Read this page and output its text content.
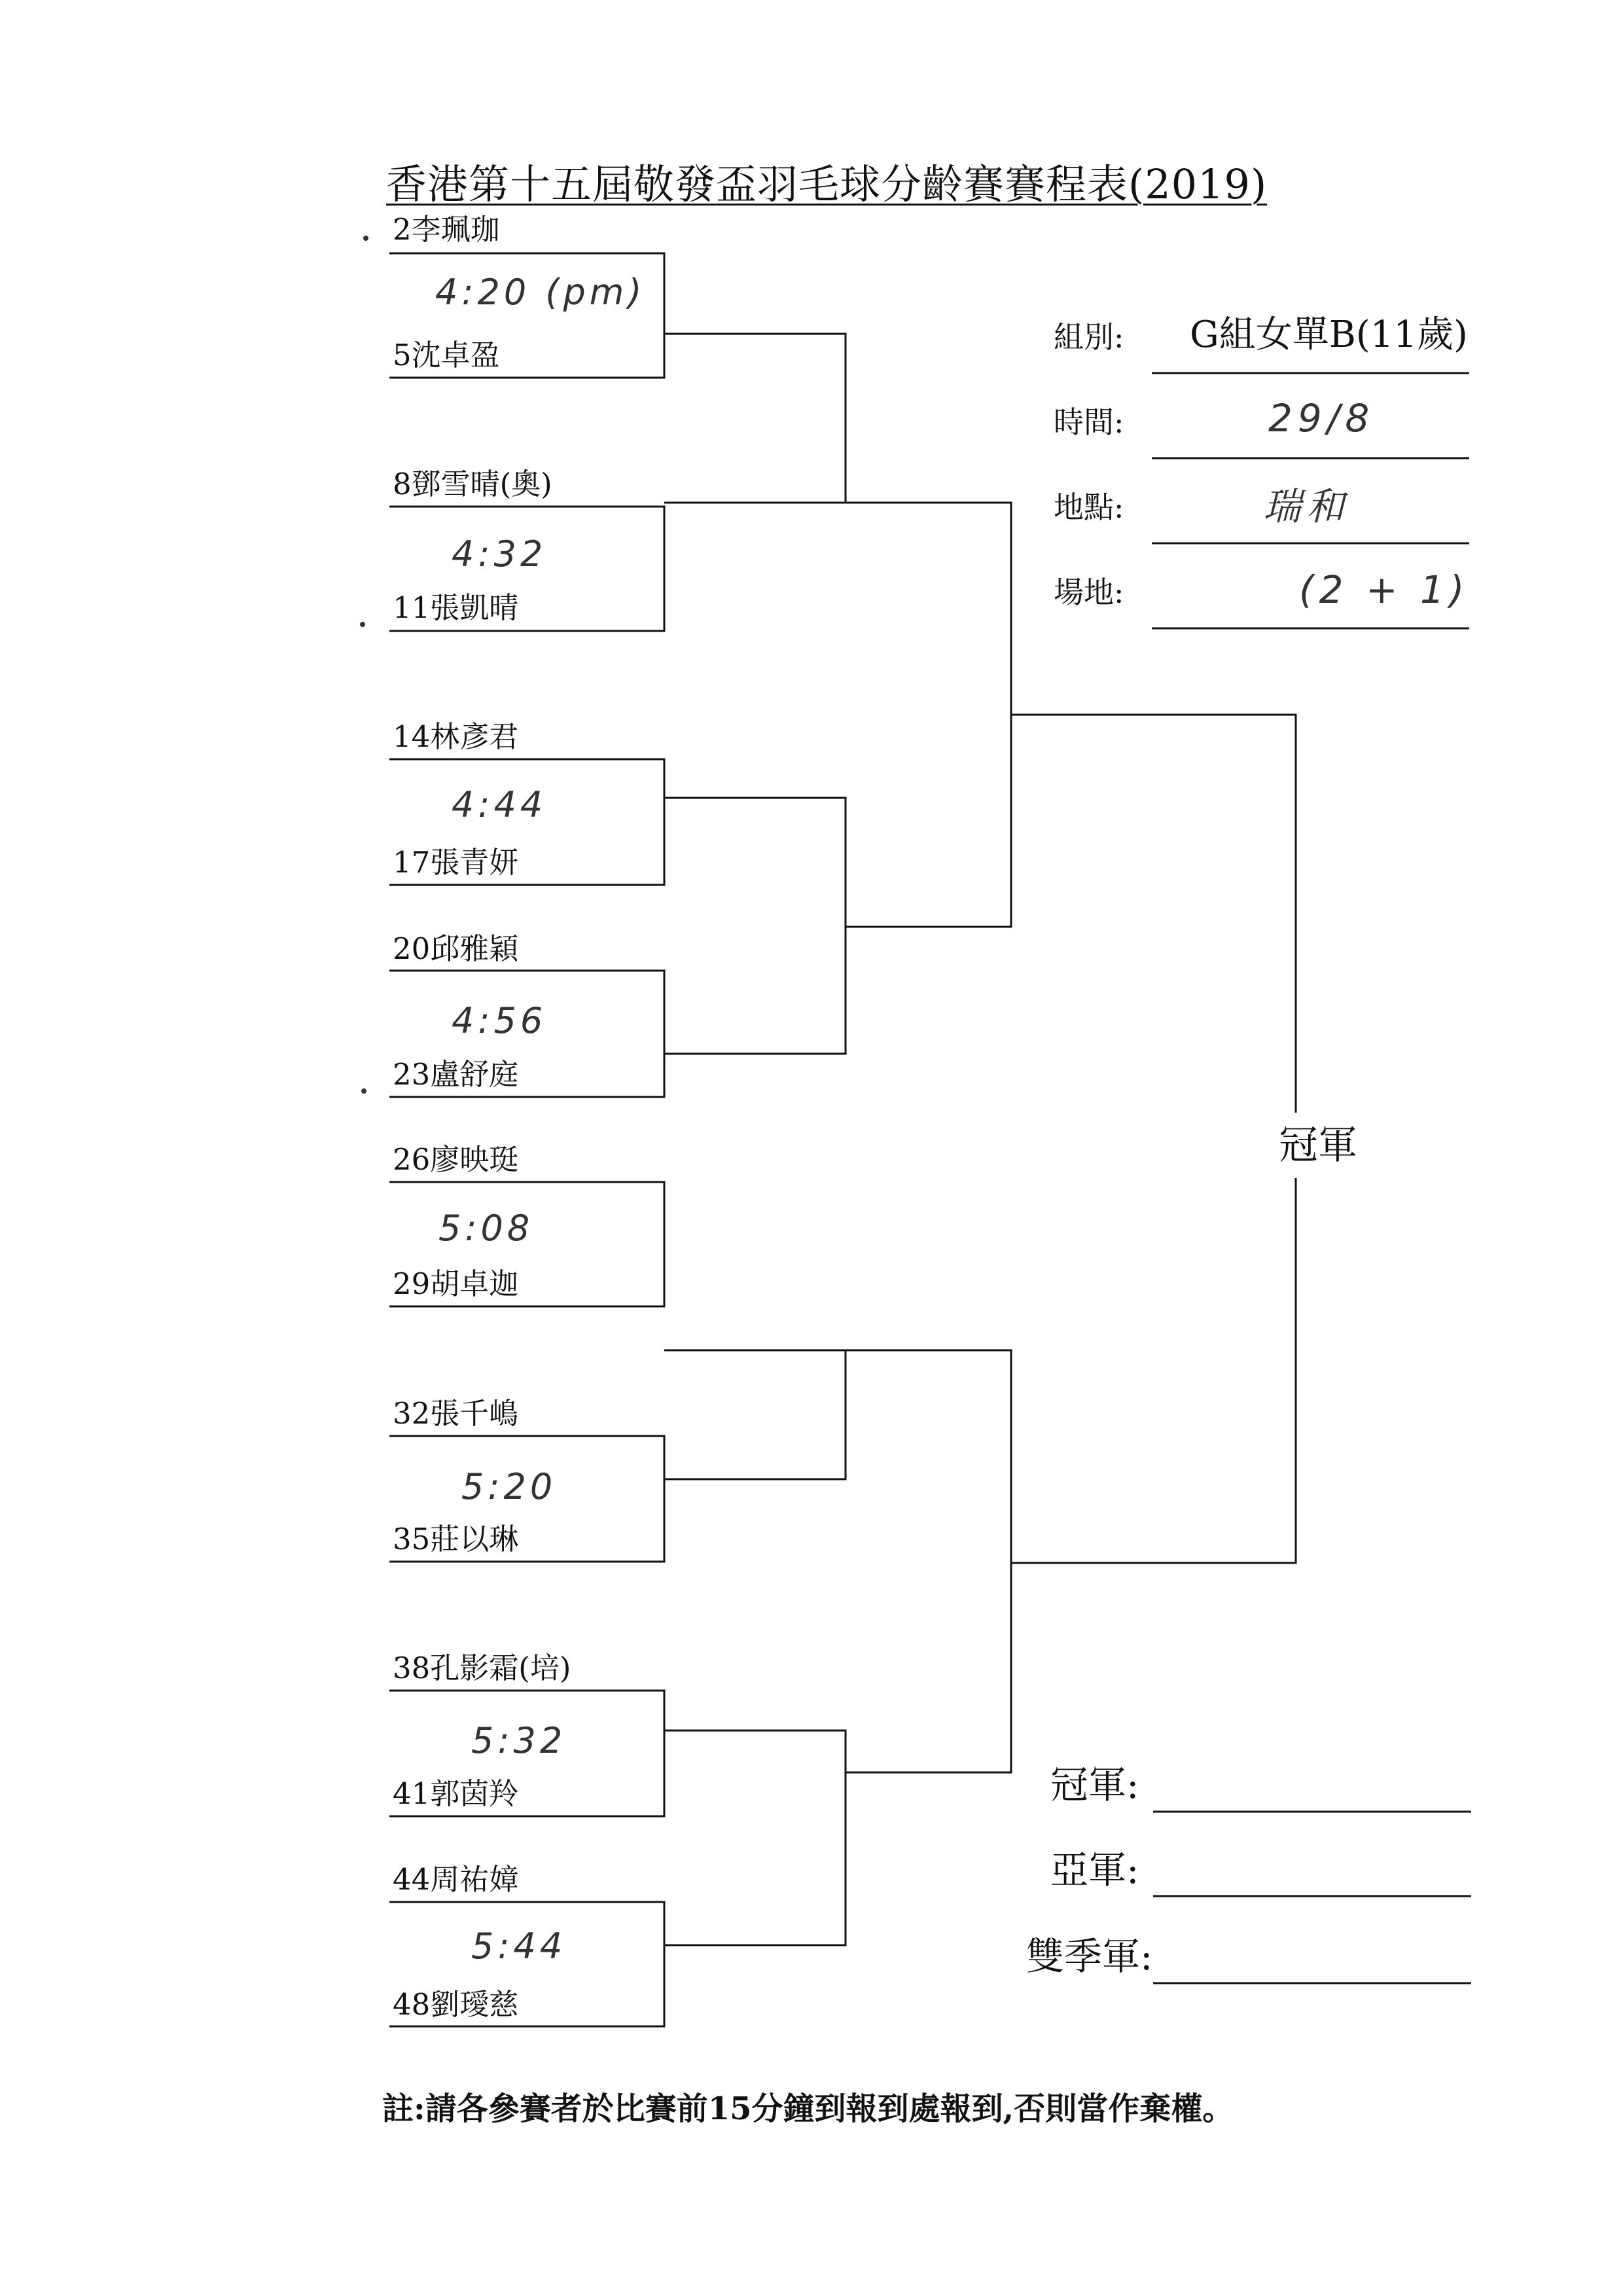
香港第十五屆敬發盃羽毛球分齡賽賽程表(2019)
2李珮珈
5沈卓盈
8鄧雪晴(奧)
11張凱晴
14林彥君
17張青妍
20邱雅穎
23盧舒庭
26廖映珽
29胡卓迦
32張千嶋
35莊以琳
38孔影霜(培)
41郭茵羚
44周祐嫜
48劉璦慈
4:20 (pm)
4:32
4:44
4:56
5:08
5:20
5:32
5:44
組別: G組女單B(11歲)
時間:	29/8
地點:	瑞和
場地:	(2 + 1)
冠軍
冠軍:
亞軍:
雙季軍:
註:請各參賽者於比賽前15分鐘到報到處報到,否則當作棄權。
